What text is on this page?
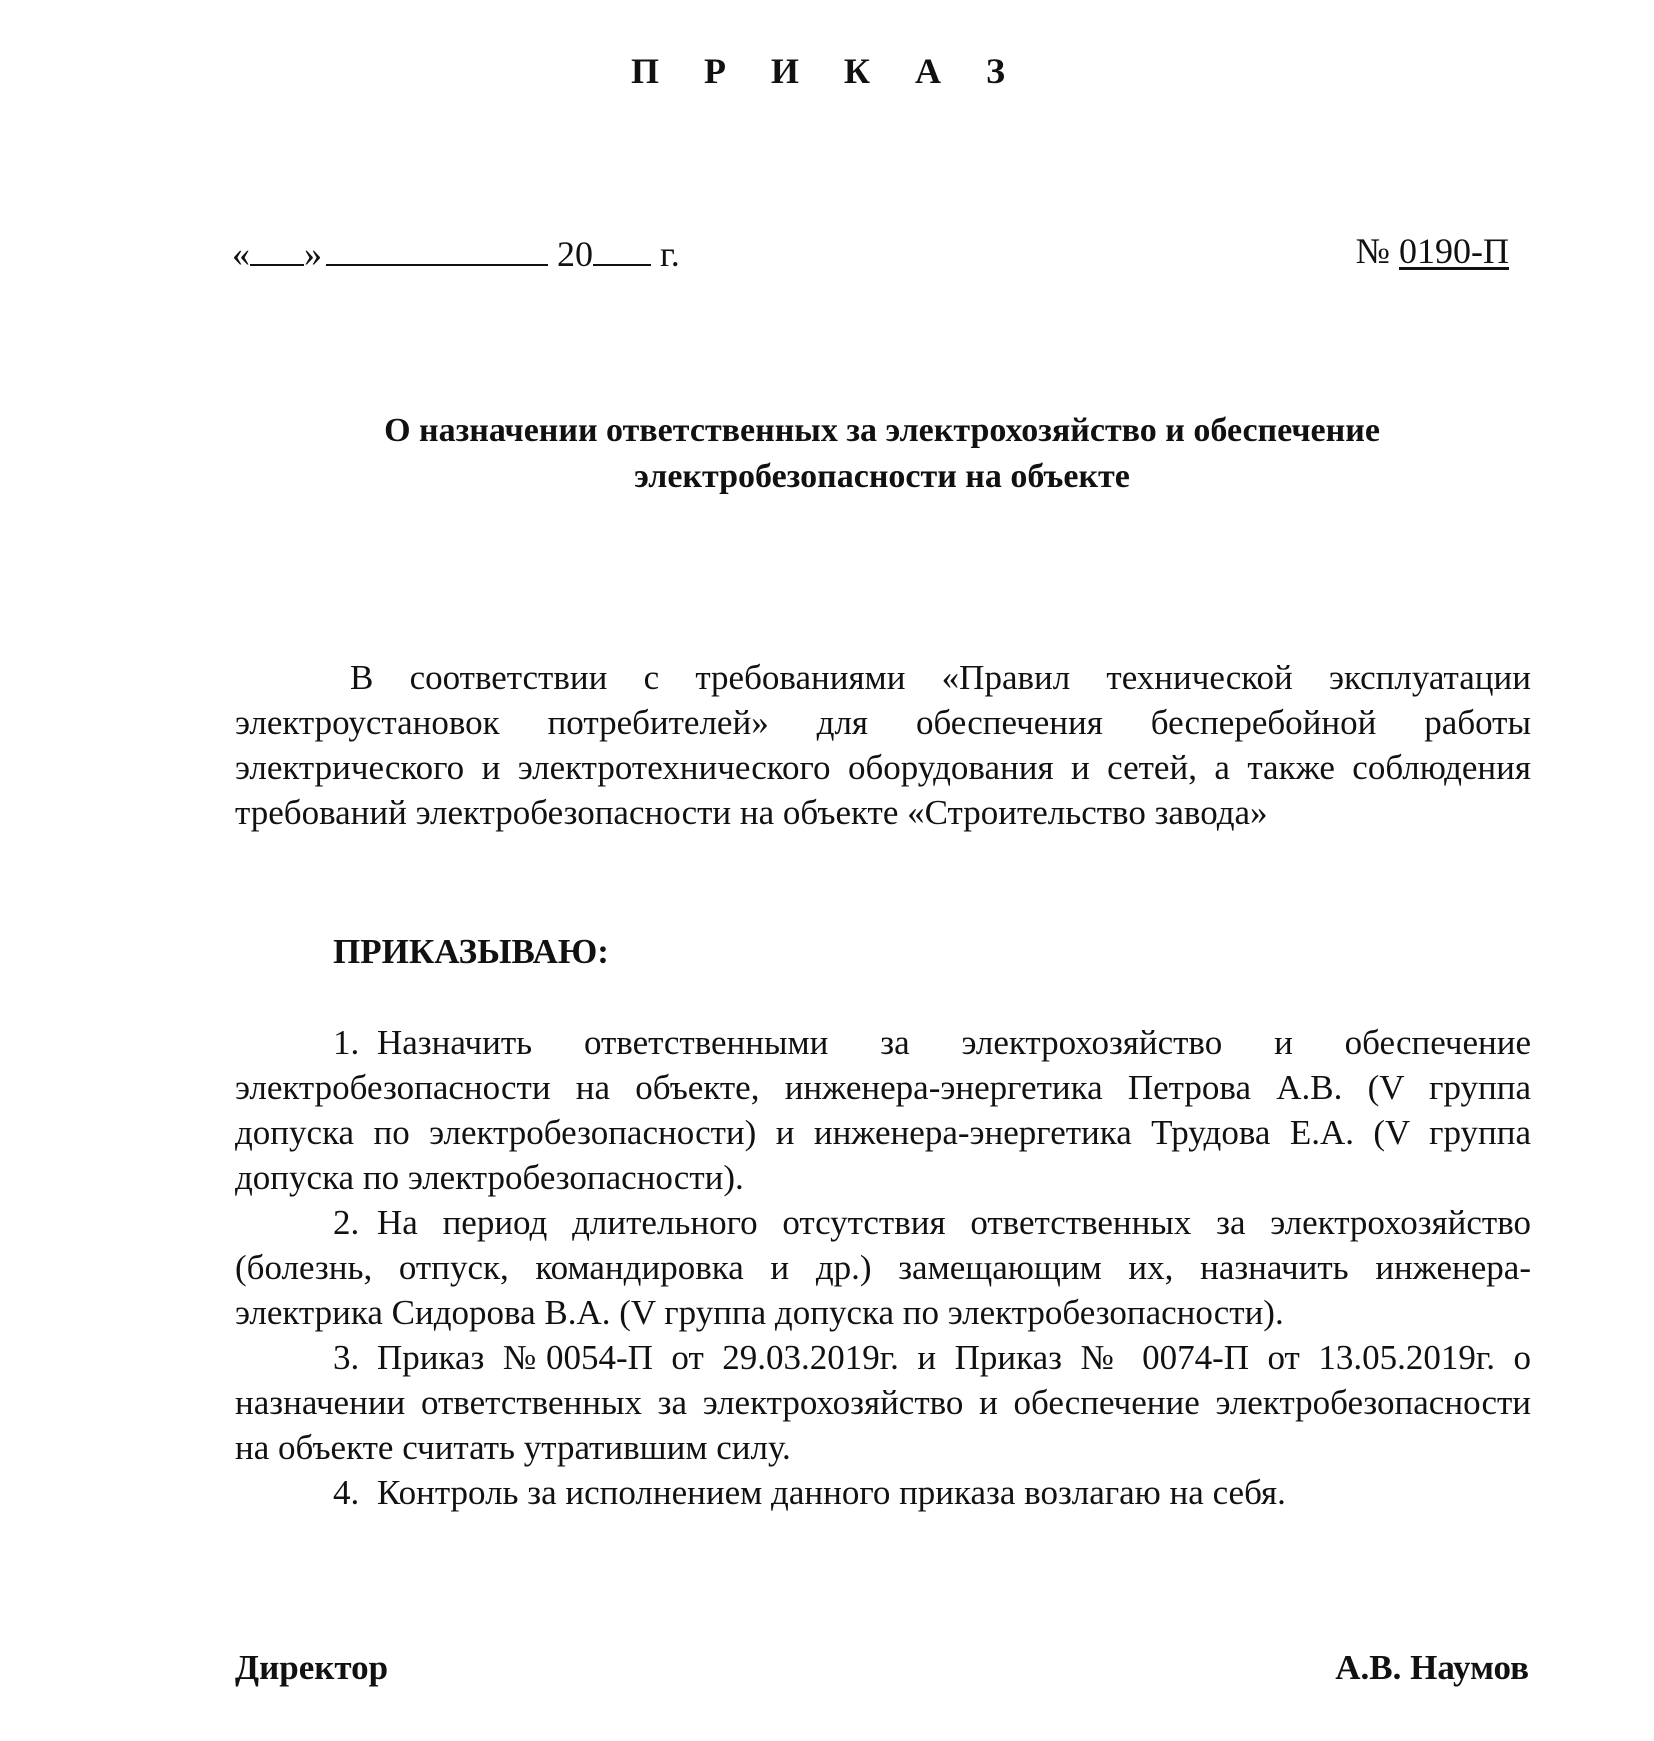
П Р И К А З
« »	20 г.	№ 0190-П
О назначении ответственных за электрохозяйство и обеспечение
электробезопасности на объекте

В соответствии с требованиями «Правил технической эксплуатации электроустановок потребителей» для обеспечения бесперебойной работы электрического и электротехнического оборудования и сетей, а также соблюдения требований электробезопасности на объекте «Строительство завода»

ПРИКАЗЫВАЮ:

1. Назначить ответственными за электрохозяйство и обеспечение электробезопасности на объекте, инженера-энергетика Петрова А.В. (V группа допуска по электробезопасности) и инженера-энергетика Трудова Е.А. (V группа допуска по электробезопасности).

2. На период длительного отсутствия ответственных за электрохозяйство (болезнь, отпуск, командировка и др.) замещающим их, назначить инженера-электрика Сидорова В.А. (V группа допуска по электробезопасности).

3. Приказ №0054-П от 29.03.2019г. и Приказ № 0074-П от 13.05.2019г. о назначении ответственных за электрохозяйство и обеспечение электробезопасности на объекте считать утратившим силу.

4. Контроль за исполнением данного приказа возлагаю на себя.

Директор	А.В. Наумов
